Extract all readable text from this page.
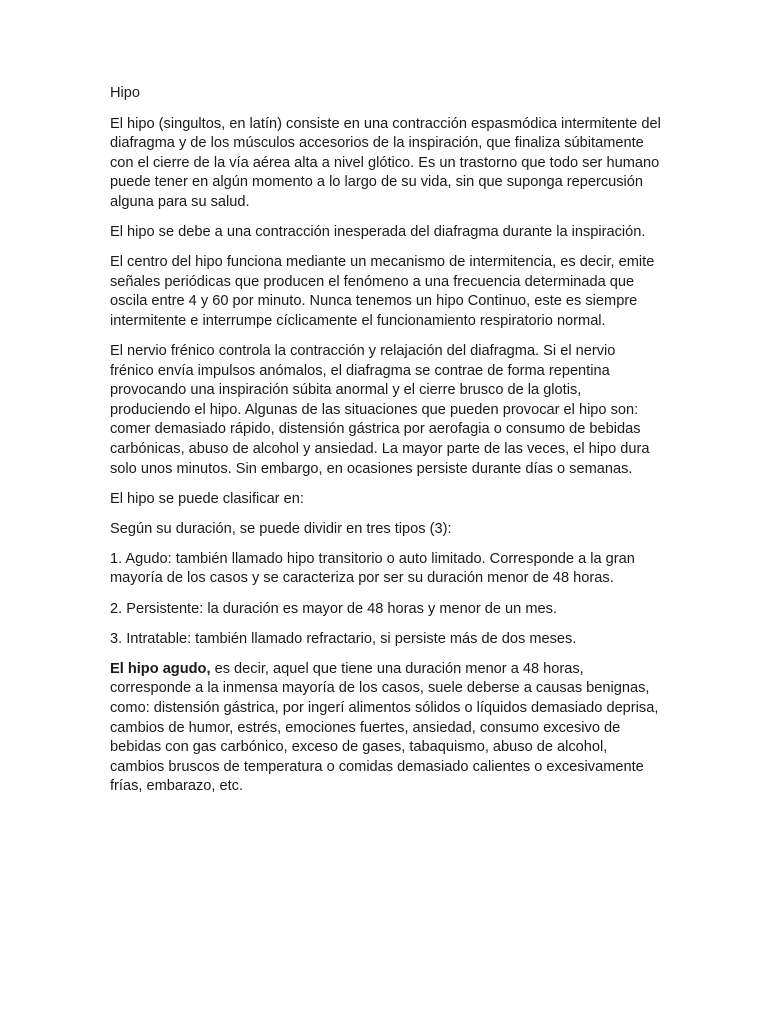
Hipo

El hipo (singultos, en latín) consiste en una contracción espasmódica intermitente del diafragma y de los músculos accesorios de la inspiración, que finaliza súbitamente con el cierre de la vía aérea alta a nivel glótico. Es un trastorno que todo ser humano puede tener en algún momento a lo largo de su vida, sin que suponga repercusión alguna para su salud.

El hipo se debe a una contracción inesperada del diafragma durante la inspiración.

El centro del hipo funciona mediante un mecanismo de intermitencia, es decir, emite señales periódicas que producen el fenómeno a una frecuencia determinada que oscila entre 4 y 60 por minuto. Nunca tenemos un hipo Continuo, este es siempre intermitente e interrumpe cíclicamente el funcionamiento respiratorio normal.

El nervio frénico controla la contracción y relajación del diafragma. Si el nervio frénico envía impulsos anómalos, el diafragma se contrae de forma repentina provocando una inspiración súbita anormal y el cierre brusco de la glotis, produciendo el hipo. Algunas de las situaciones que pueden provocar el hipo son: comer demasiado rápido, distensión gástrica por aerofagia o consumo de bebidas carbónicas, abuso de alcohol y ansiedad. La mayor parte de las veces, el hipo dura solo unos minutos. Sin embargo, en ocasiones persiste durante días o semanas.

El hipo se puede clasificar en:

Según su duración, se puede dividir en tres tipos (3):

1. Agudo: también llamado hipo transitorio o auto limitado. Corresponde a la gran mayoría de los casos y se caracteriza por ser su duración menor de 48 horas.

2. Persistente: la duración es mayor de 48 horas y menor de un mes.

3. Intratable: también llamado refractario, si persiste más de dos meses.

El hipo agudo, es decir, aquel que tiene una duración menor a 48 horas, corresponde a la inmensa mayoría de los casos, suele deberse a causas benignas, como: distensión gástrica, por ingerí alimentos sólidos o líquidos demasiado deprisa, cambios de humor, estrés, emociones fuertes, ansiedad, consumo excesivo de bebidas con gas carbónico, exceso de gases, tabaquismo, abuso de alcohol, cambios bruscos de temperatura o comidas demasiado calientes o excesivamente frías, embarazo, etc.
